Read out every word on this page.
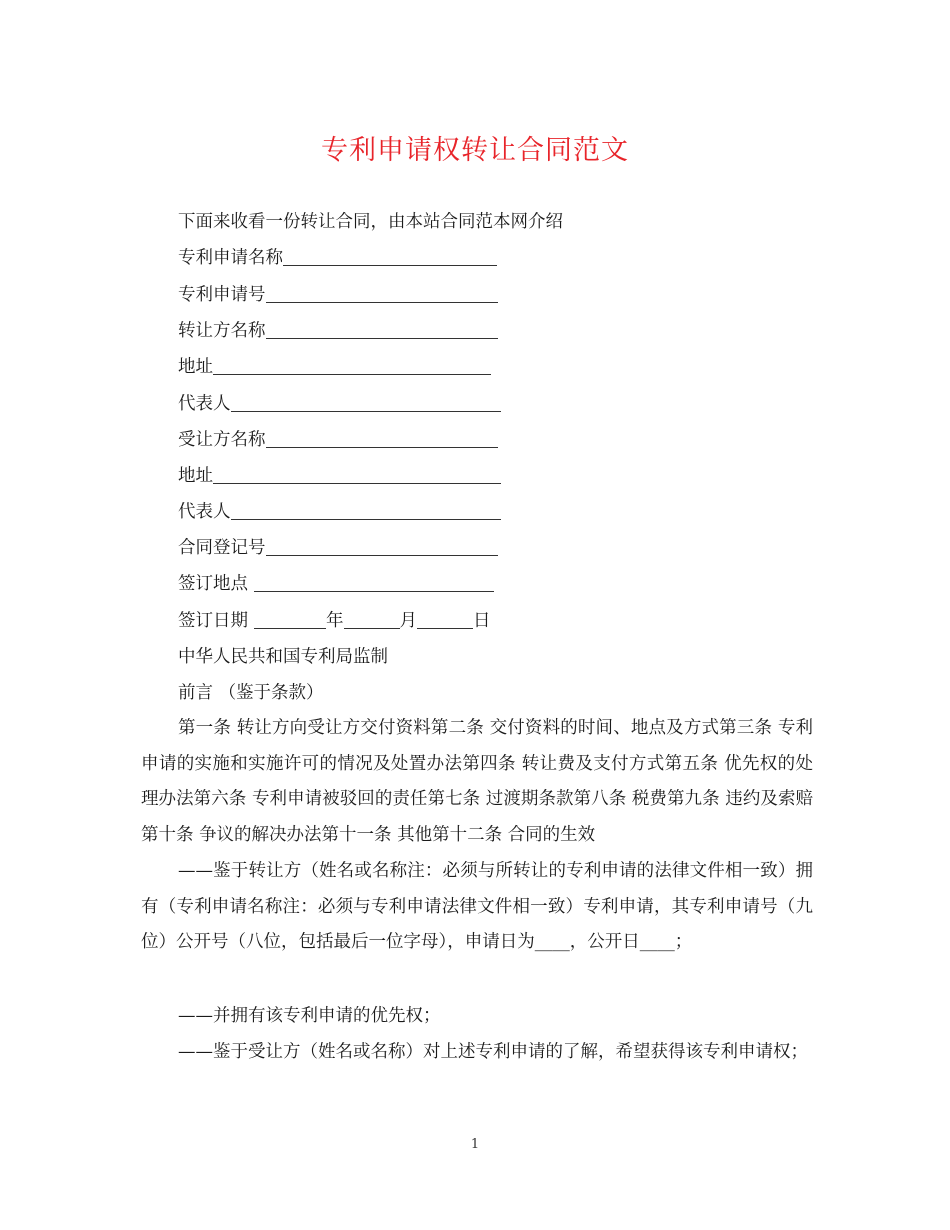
专利申请权转让合同范文
下面来收看一份转让合同，由本站合同范本网介绍
专利申请名称
专利申请号
转让方名称
地址
代表人
受让方名称
地址
代表人
合同登记号
签订地点
签订日期	年	月	日
中华人民共和国专利局监制
前言 （鉴于条款）
第一条 转让方向受让方交付资料第二条 交付资料的时间、地点及方式第三条 专利申请的实施和实施许可的情况及处置办法第四条 转让费及支付方式第五条 优先权的处理办法第六条 专利申请被驳回的责任第七条 过渡期条款第八条 税费第九条 违约及索赔第十条 争议的解决办法第十一条 其他第十二条 合同的生效
——鉴于转让方（姓名或名称注：必须与所转让的专利申请的法律文件相一致）拥有（专利申请名称注：必须与专利申请法律文件相一致）专利申请，其专利申请号（九位）公开号（八位，包括最后一位字母），申请日为____，公开日____；
——并拥有该专利申请的优先权；
——鉴于受让方（姓名或名称）对上述专利申请的了解，希望获得该专利申请权；
1
